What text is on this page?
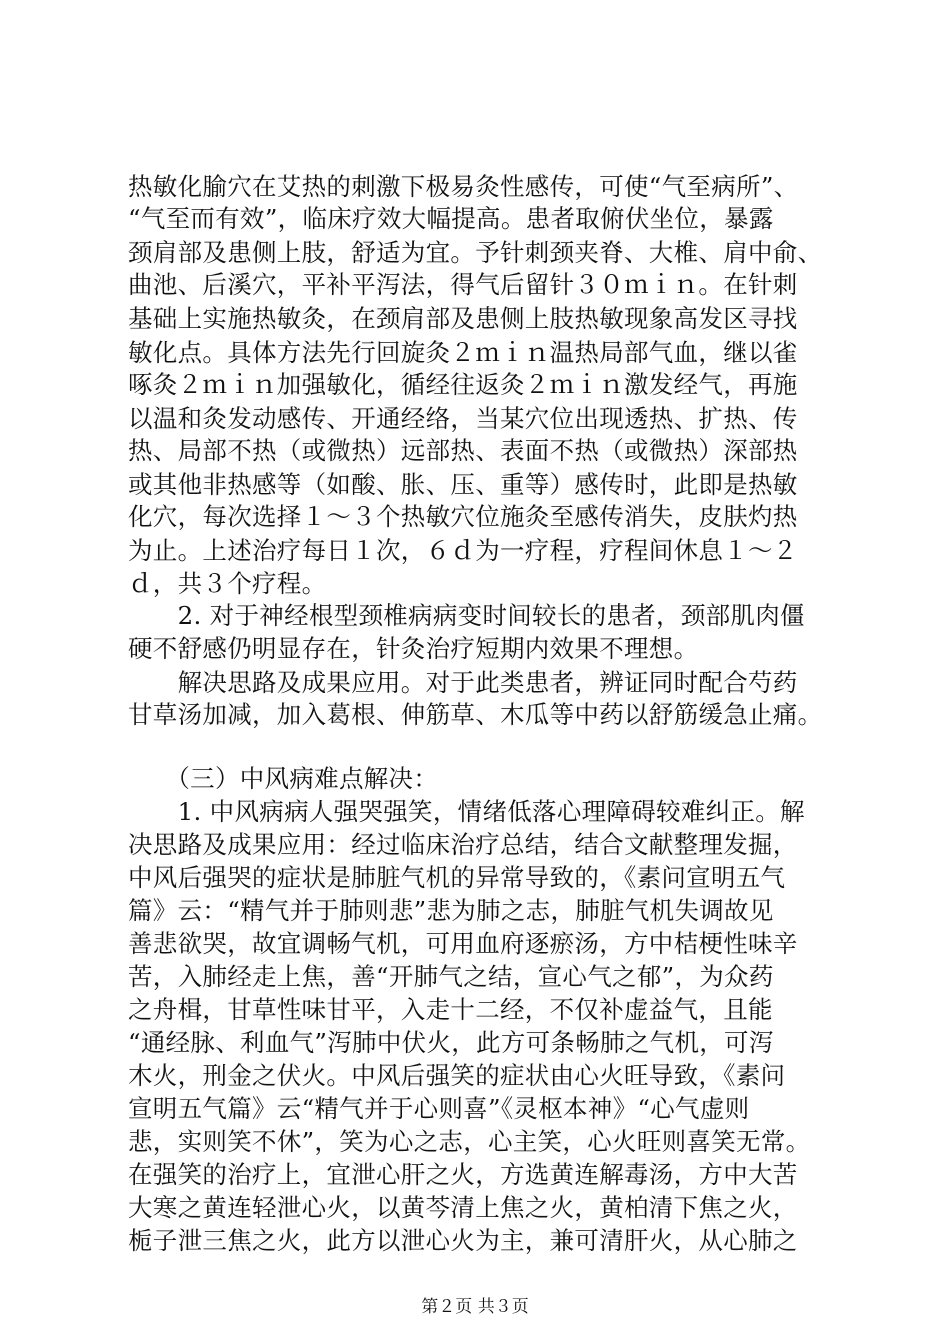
热敏化腧穴在艾热的刺激下极易灸性感传，可使“气至病所”、
“气至而有效”，临床疗效大幅提高。患者取俯伏坐位，暴露
颈肩部及患侧上肢，舒适为宜。予针刺颈夹脊、大椎、肩中俞、
曲池、后溪穴，平补平泻法，得气后留针３０ｍｉｎ。在针刺
基础上实施热敏灸，在颈肩部及患侧上肢热敏现象高发区寻找
敏化点。具体方法先行回旋灸２ｍｉｎ温热局部气血，继以雀
啄灸２ｍｉｎ加强敏化，循经往返灸２ｍｉｎ激发经气，再施
以温和灸发动感传、开通经络，当某穴位出现透热、扩热、传
热、局部不热（或微热）远部热、表面不热（或微热）深部热
或其他非热感等（如酸、胀、压、重等）感传时，此即是热敏
化穴，每次选择１～３个热敏穴位施灸至感传消失，皮肤灼热
为止。上述治疗每日１次，６ｄ为一疗程，疗程间休息１～２
ｄ，共３个疗程。
　　2. 对于神经根型颈椎病病变时间较长的患者，颈部肌肉僵
硬不舒感仍明显存在，针灸治疗短期内效果不理想。
　　解决思路及成果应用。对于此类患者，辨证同时配合芍药
甘草汤加减，加入葛根、伸筋草、木瓜等中药以舒筋缓急止痛。
　　（三）中风病难点解决：
　　1. 中风病病人强哭强笑，情绪低落心理障碍较难纠正。解
决思路及成果应用：经过临床治疗总结，结合文献整理发掘，
中风后强哭的症状是肺脏气机的异常导致的，《素问宣明五气
篇》云：“精气并于肺则悲”悲为肺之志，肺脏气机失调故见
善悲欲哭，故宜调畅气机，可用血府逐瘀汤，方中桔梗性味辛
苦，入肺经走上焦，善“开肺气之结，宣心气之郁”，为众药
之舟楫，甘草性味甘平，入走十二经，不仅补虚益气，且能
“通经脉、利血气”泻肺中伏火，此方可条畅肺之气机，可泻
木火，刑金之伏火。中风后强笑的症状由心火旺导致，《素问
宣明五气篇》云“精气并于心则喜”《灵枢本神》“心气虚则
悲，实则笑不休”，笑为心之志，心主笑，心火旺则喜笑无常。
在强笑的治疗上，宜泄心肝之火，方选黄连解毒汤，方中大苦
大寒之黄连轻泄心火，以黄芩清上焦之火，黄柏清下焦之火，
栀子泄三焦之火，此方以泄心火为主，兼可清肝火，从心肺之
第２页 共３页
